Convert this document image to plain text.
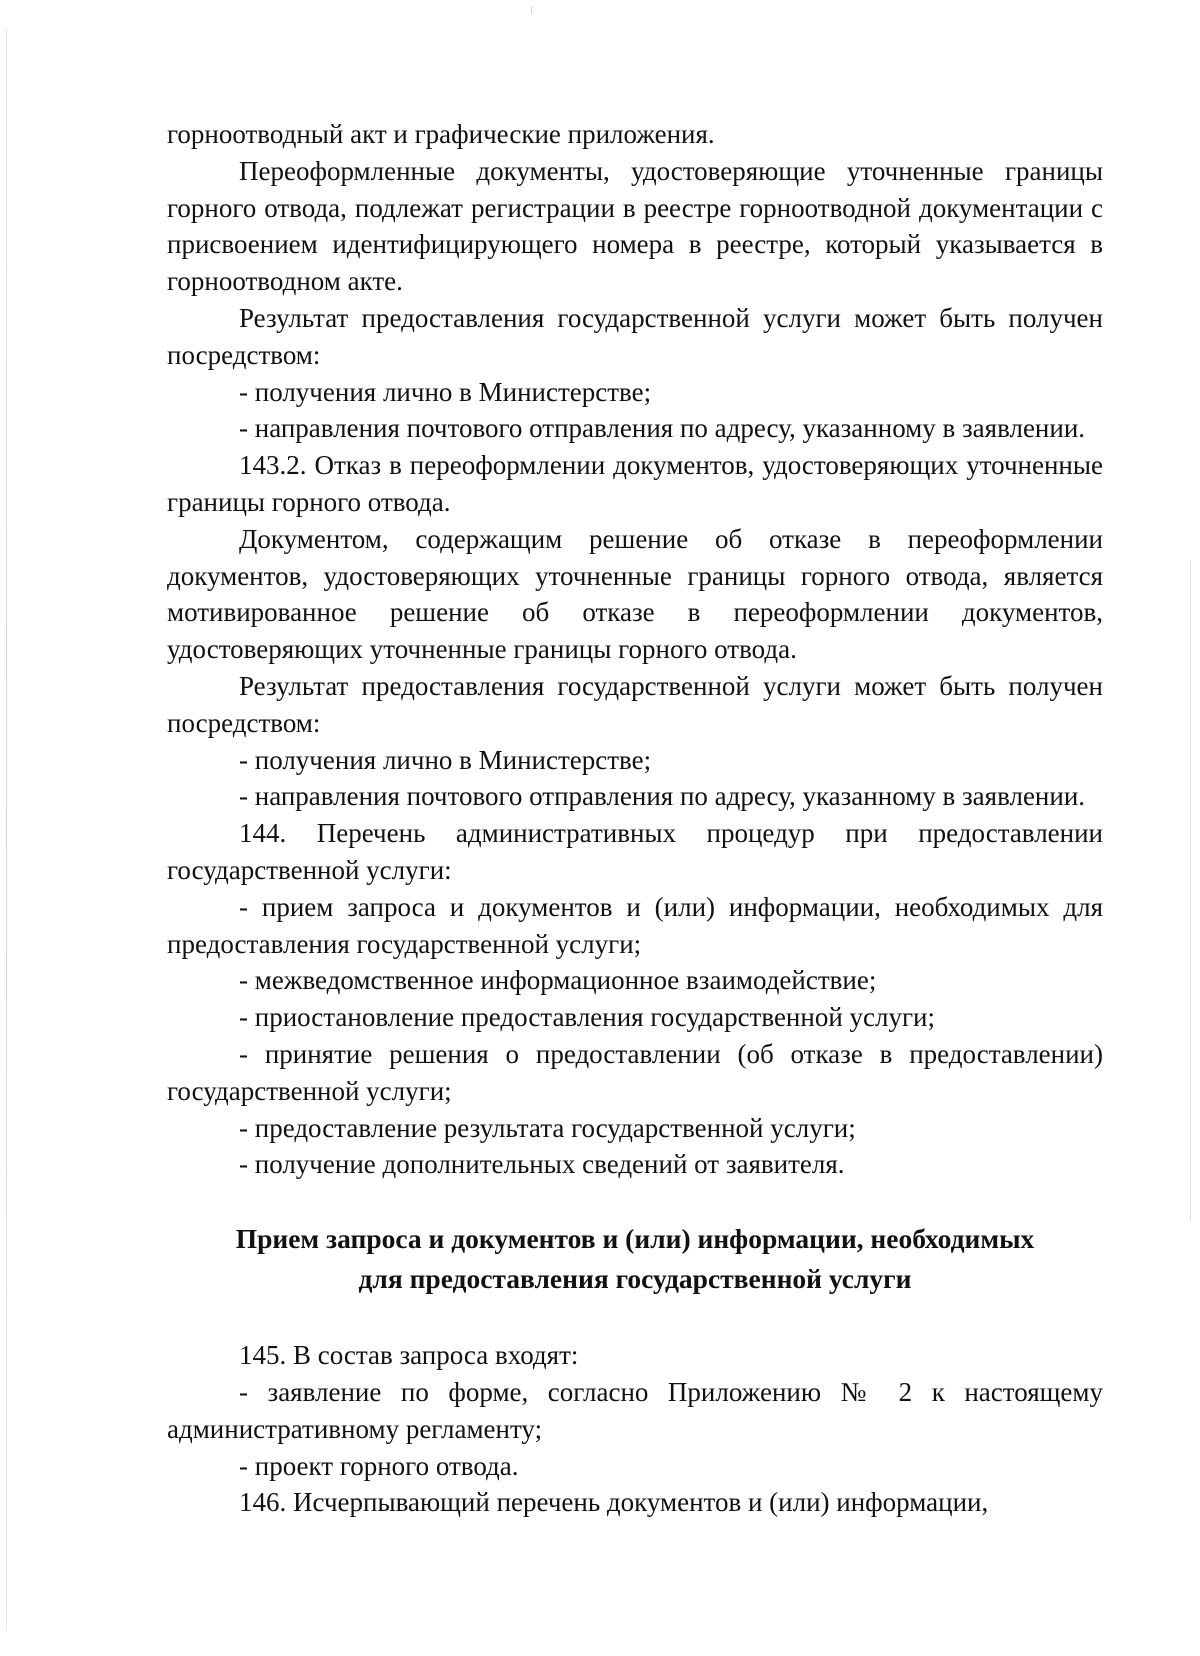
горноотводный акт и графические приложения.

Переоформленные документы, удостоверяющие уточненные границы горного отвода, подлежат регистрации в реестре горноотводной документации с присвоением идентифицирующего номера в реестре, который указывается в горноотводном акте.

Результат предоставления государственной услуги может быть получен посредством:

- получения лично в Министерстве;

- направления почтового отправления по адресу, указанному в заявлении.

143.2. Отказ в переоформлении документов, удостоверяющих уточненные границы горного отвода.

Документом, содержащим решение об отказе в переоформлении документов, удостоверяющих уточненные границы горного отвода, является мотивированное решение об отказе в переоформлении документов, удостоверяющих уточненные границы горного отвода.

Результат предоставления государственной услуги может быть получен посредством:

- получения лично в Министерстве;

- направления почтового отправления по адресу, указанному в заявлении.

144. Перечень административных процедур при предоставлении государственной услуги:

- прием запроса и документов и (или) информации, необходимых для предоставления государственной услуги;

- межведомственное информационное взаимодействие;

- приостановление предоставления государственной услуги;

- принятие решения о предоставлении (об отказе в предоставлении) государственной услуги;

- предоставление результата государственной услуги;

- получение дополнительных сведений от заявителя.

Прием запроса и документов и (или) информации, необходимых
для предоставления государственной услуги

145. В состав запроса входят:

- заявление по форме, согласно Приложению № 2 к настоящему административному регламенту;

- проект горного отвода.

146. Исчерпывающий перечень документов и (или) информации,
